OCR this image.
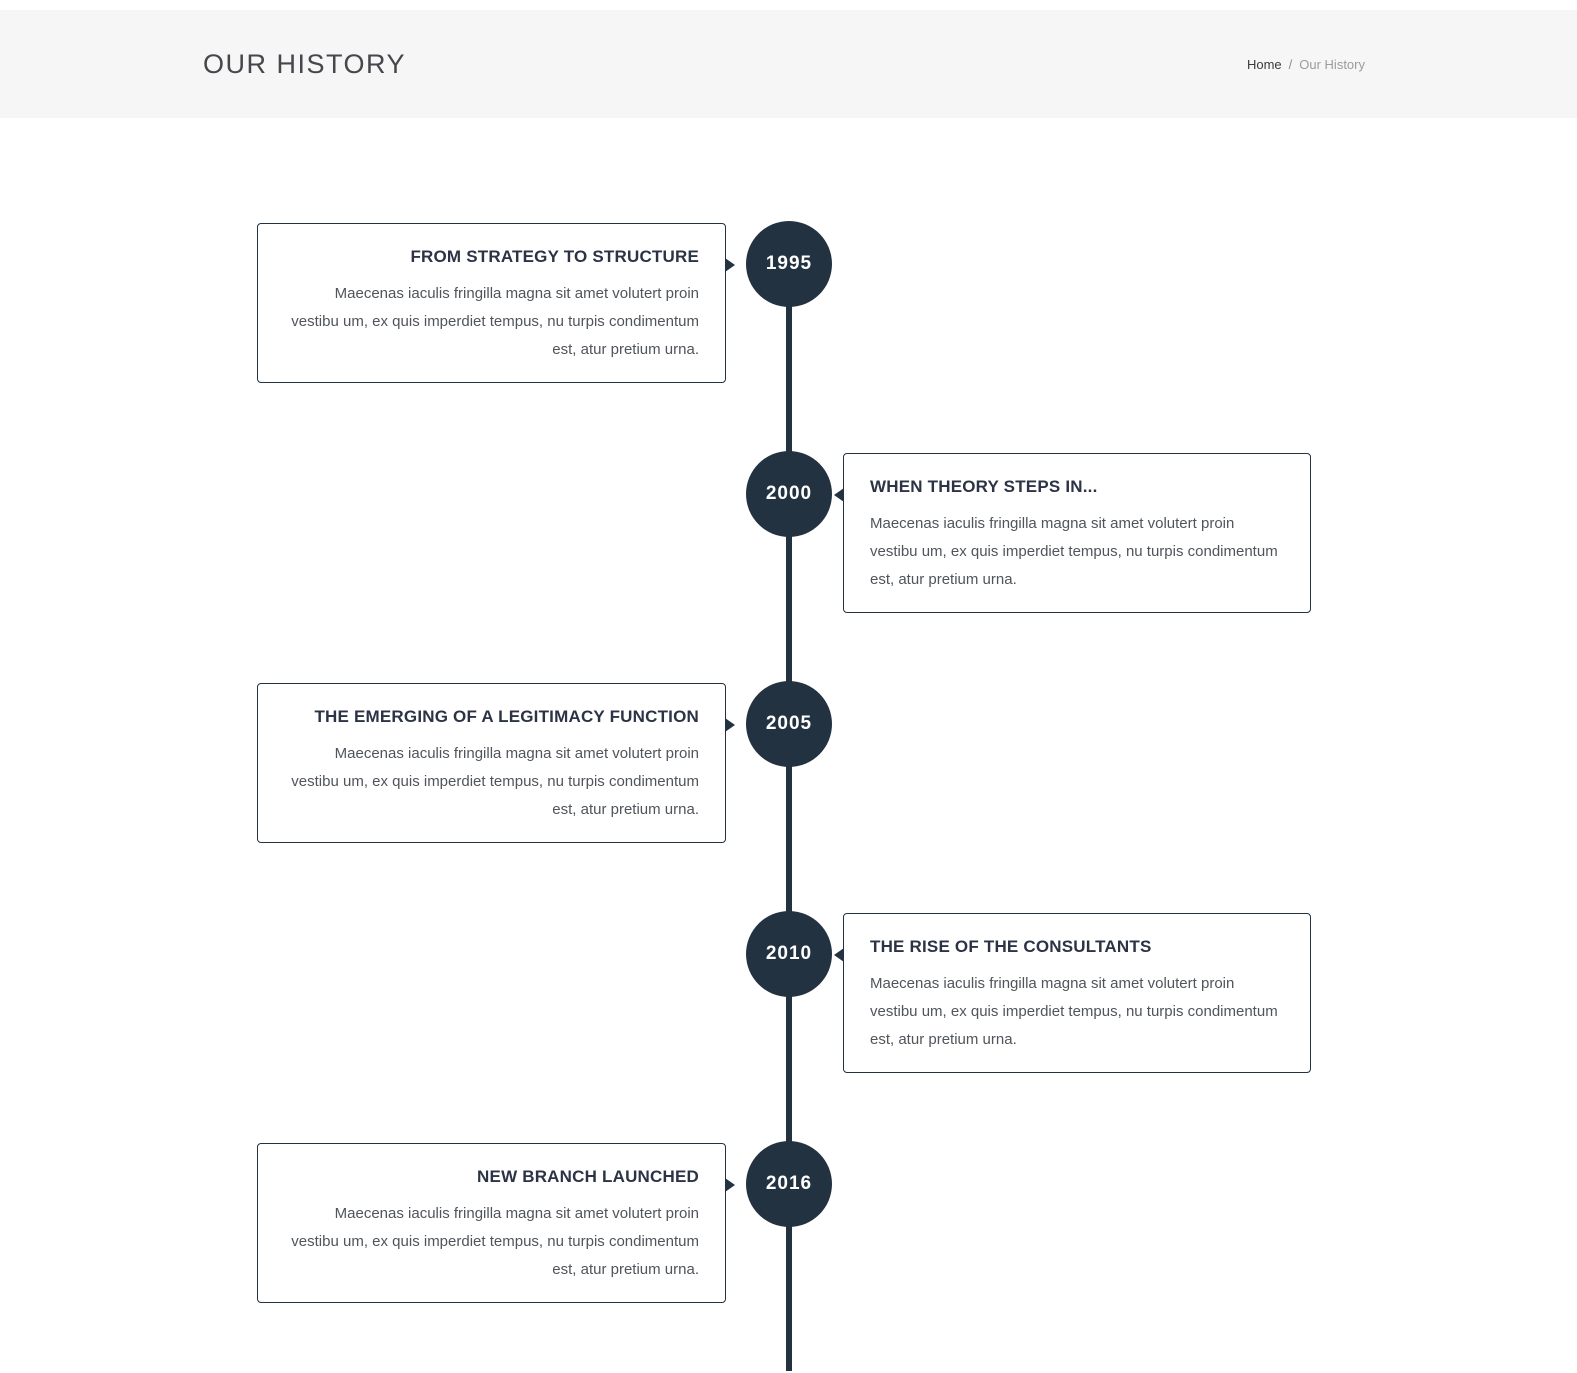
OUR HISTORY	Home / Our History
1995
FROM STRATEGY TO STRUCTURE

Maecenas iaculis fringilla magna sit amet volutert proin vestibu um, ex quis imperdiet tempus, nu turpis condimentum est, atur pretium urna.

2000	WHEN THEORY STEPS IN...

Maecenas iaculis fringilla magna sit amet volutert proin vestibu um, ex quis imperdiet tempus, nu turpis condimentum est, atur pretium urna.

2005
THE EMERGING OF A LEGITIMACY FUNCTION

Maecenas iaculis fringilla magna sit amet volutert proin vestibu um, ex quis imperdiet tempus, nu turpis condimentum est, atur pretium urna.

2010	THE RISE OF THE CONSULTANTS

Maecenas iaculis fringilla magna sit amet volutert proin vestibu um, ex quis imperdiet tempus, nu turpis condimentum est, atur pretium urna.

2016
NEW BRANCH LAUNCHED

Maecenas iaculis fringilla magna sit amet volutert proin vestibu um, ex quis imperdiet tempus, nu turpis condimentum est, atur pretium urna.
